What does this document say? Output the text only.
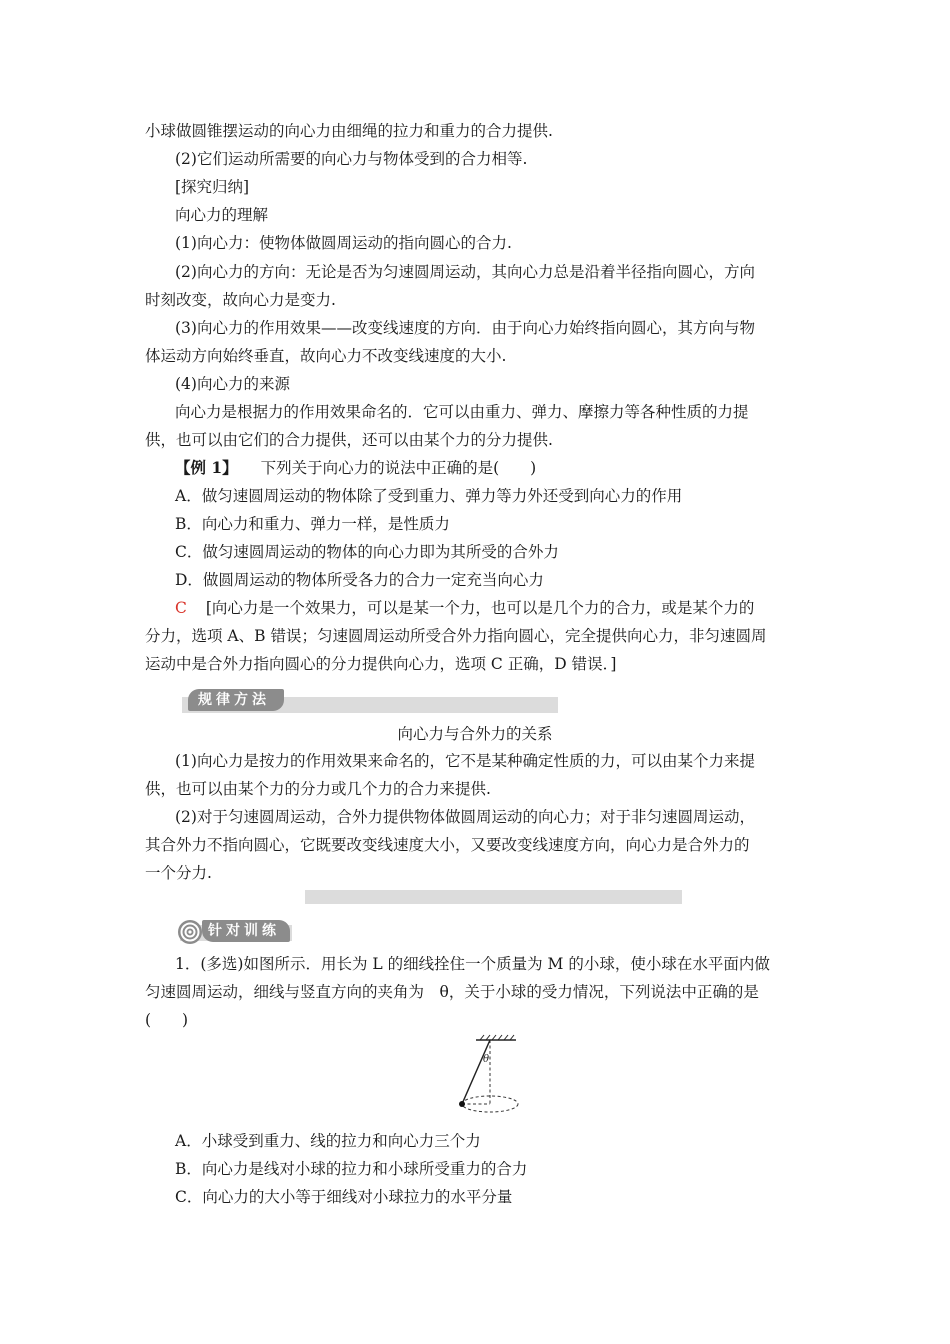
小球做圆锥摆运动的向心力由细绳的拉力和重力的合力提供.
(2)它们运动所需要的向心力与物体受到的合力相等.
[探究归纳]
向心力的理解
(1)向心力：使物体做圆周运动的指向圆心的合力.
(2)向心力的方向：无论是否为匀速圆周运动，其向心力总是沿着半径指向圆心，方向
时刻改变，故向心力是变力.
(3)向心力的作用效果——改变线速度的方向．由于向心力始终指向圆心，其方向与物
体运动方向始终垂直，故向心力不改变线速度的大小.
(4)向心力的来源
向心力是根据力的作用效果命名的．它可以由重力、弹力、摩擦力等各种性质的力提
供，也可以由它们的合力提供，还可以由某个力的分力提供.
【例 1】 下列关于向心力的说法中正确的是(　　)
A．做匀速圆周运动的物体除了受到重力、弹力等力外还受到向心力的作用
B．向心力和重力、弹力一样，是性质力
C．做匀速圆周运动的物体的向心力即为其所受的合外力
D．做圆周运动的物体所受各力的合力一定充当向心力
C [向心力是一个效果力，可以是某一个力，也可以是几个力的合力，或是某个力的
分力，选项 A、B 错误；匀速圆周运动所受合外力指向圆心，完全提供向心力，非匀速圆周
运动中是合外力指向圆心的分力提供向心力，选项 C 正确，D 错误．]
规律方法
向心力与合外力的关系
(1)向心力是按力的作用效果来命名的，它不是某种确定性质的力，可以由某个力来提
供，也可以由某个力的分力或几个力的合力来提供.
(2)对于匀速圆周运动，合外力提供物体做圆周运动的向心力；对于非匀速圆周运动，
其合外力不指向圆心，它既要改变线速度大小，又要改变线速度方向，向心力是合外力的
一个分力.
针对训练
1．(多选)如图所示．用长为 L 的细线拴住一个质量为 M 的小球，使小球在水平面内做
匀速圆周运动，细线与竖直方向的夹角为　θ，关于小球的受力情况，下列说法中正确的是
(　　)
θ
A．小球受到重力、线的拉力和向心力三个力
B．向心力是线对小球的拉力和小球所受重力的合力
C．向心力的大小等于细线对小球拉力的水平分量
